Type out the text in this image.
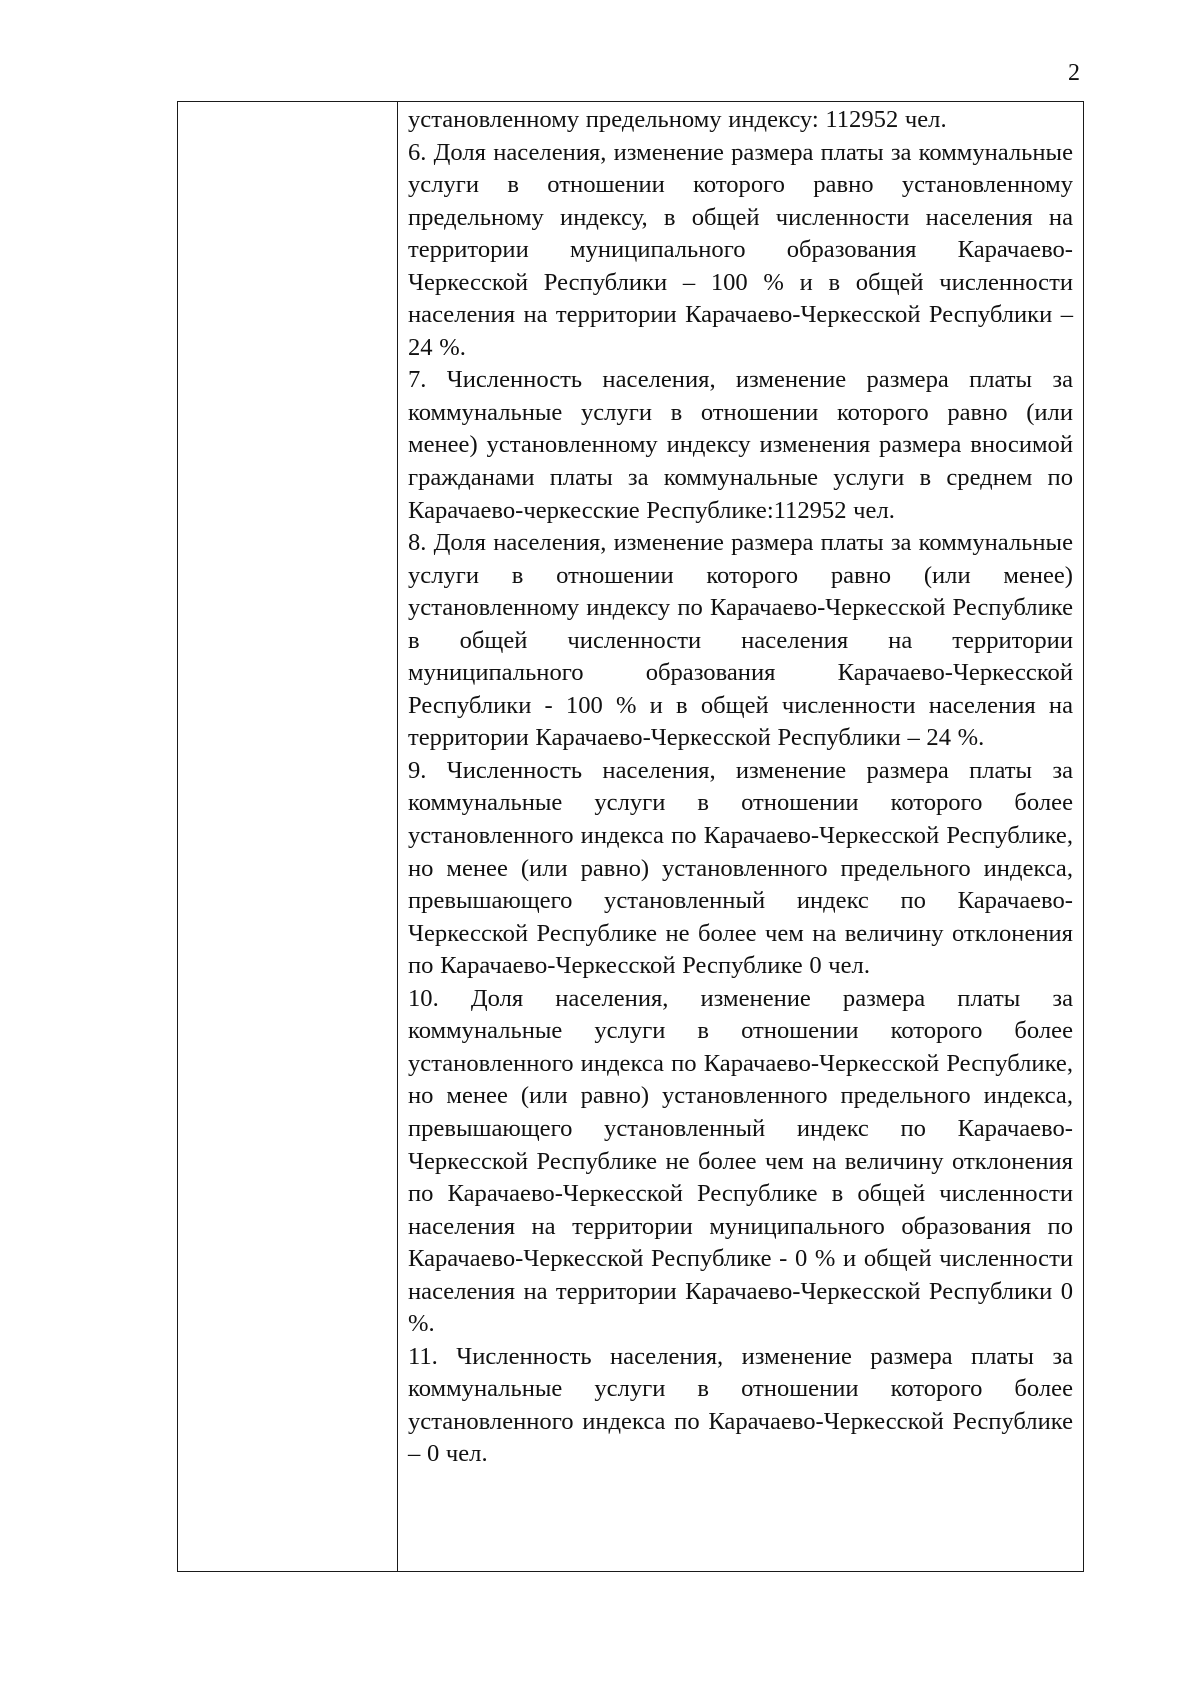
2

установленному предельному индексу: 112952 чел.

6. Доля населения, изменение размера платы за коммунальные услуги в отношении которого равно установленному предельному индексу, в общей численности населения на территории муниципального образования Карачаево-Черкесской Республики – 100 % и в общей численности населения на территории Карачаево-Черкесской Республики – 24 %.

7. Численность населения, изменение размера платы за коммунальные услуги в отношении которого равно (или менее) установленному индексу изменения размера вносимой гражданами платы за коммунальные услуги в среднем по Карачаево-черкесские Республике:112952 чел.

8. Доля населения, изменение размера платы за коммунальные услуги в отношении которого равно (или менее) установленному индексу по Карачаево-Черкесской Республике в общей численности населения на территории муниципального образования Карачаево-Черкесской Республики - 100 % и в общей численности населения на территории Карачаево-Черкесской Республики – 24 %.

9. Численность населения, изменение размера платы за коммунальные услуги в отношении которого более установленного индекса по Карачаево-Черкесской Республике, но менее (или равно) установленного предельного индекса, превышающего установленный индекс по Карачаево-Черкесской Республике не более чем на величину отклонения по Карачаево-Черкесской Республике 0 чел.

10. Доля населения, изменение размера платы за коммунальные услуги в отношении которого более установленного индекса по Карачаево-Черкесской Республике, но менее (или равно) установленного предельного индекса, превышающего установленный индекс по Карачаево-Черкесской Республике не более чем на величину отклонения по Карачаево-Черкесской Республике в общей численности населения на территории муниципального образования по Карачаево-Черкесской Республике - 0 % и общей численности населения на территории Карачаево-Черкесской Республики 0 %.

11. Численность населения, изменение размера платы за коммунальные услуги в отношении которого более установленного индекса по Карачаево-Черкесской Республике – 0 чел.
